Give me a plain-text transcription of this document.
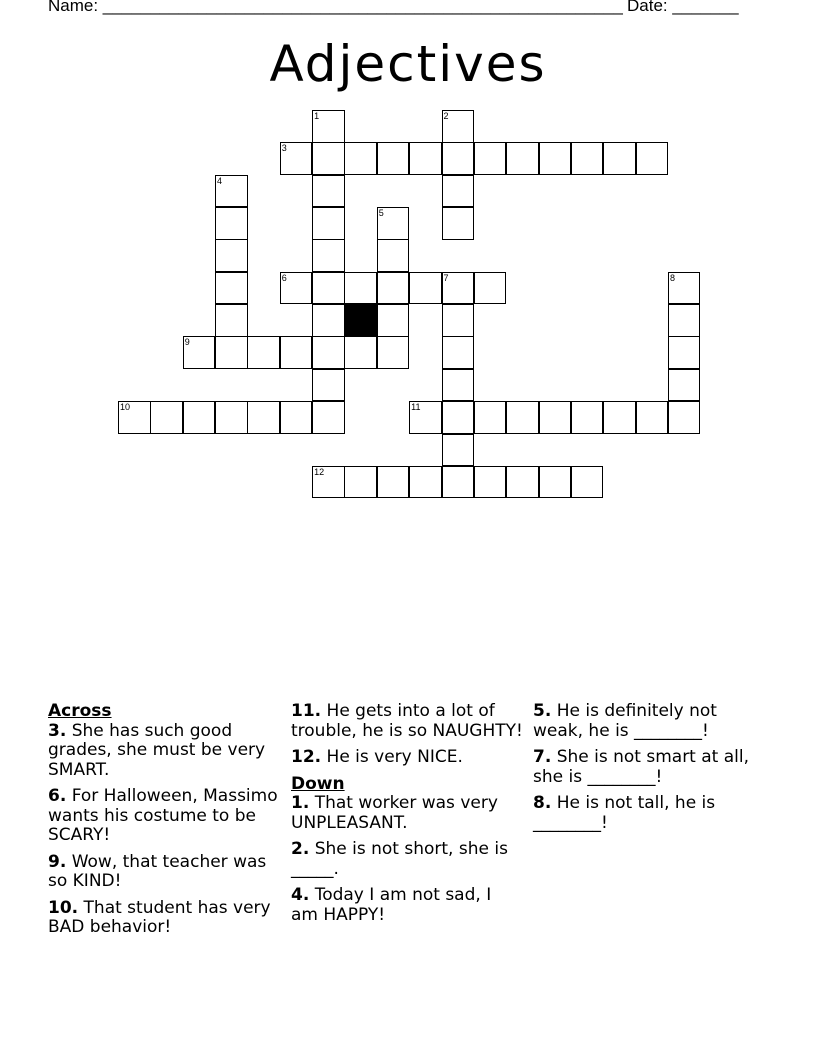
Name: _______________________________________________________ Date: _______
Adjectives
3
6	7
9
10	11
12
1	2
4
5
8
Across
3. She has such good grades, she must be very SMART.
6. For Halloween, Massimo wants his costume to be SCARY!
9. Wow, that teacher was so KIND!
10. That student has very BAD behavior!
11. He gets into a lot of trouble, he is so NAUGHTY!
12. He is very NICE.
Down
1. That worker was very UNPLEASANT.
2. She is not short, she is _____.
4. Today I am not sad, I am HAPPY!
5. He is definitely not weak, he is ________!
7. She is not smart at all, she is ________!
8. He is not tall, he is ________!
